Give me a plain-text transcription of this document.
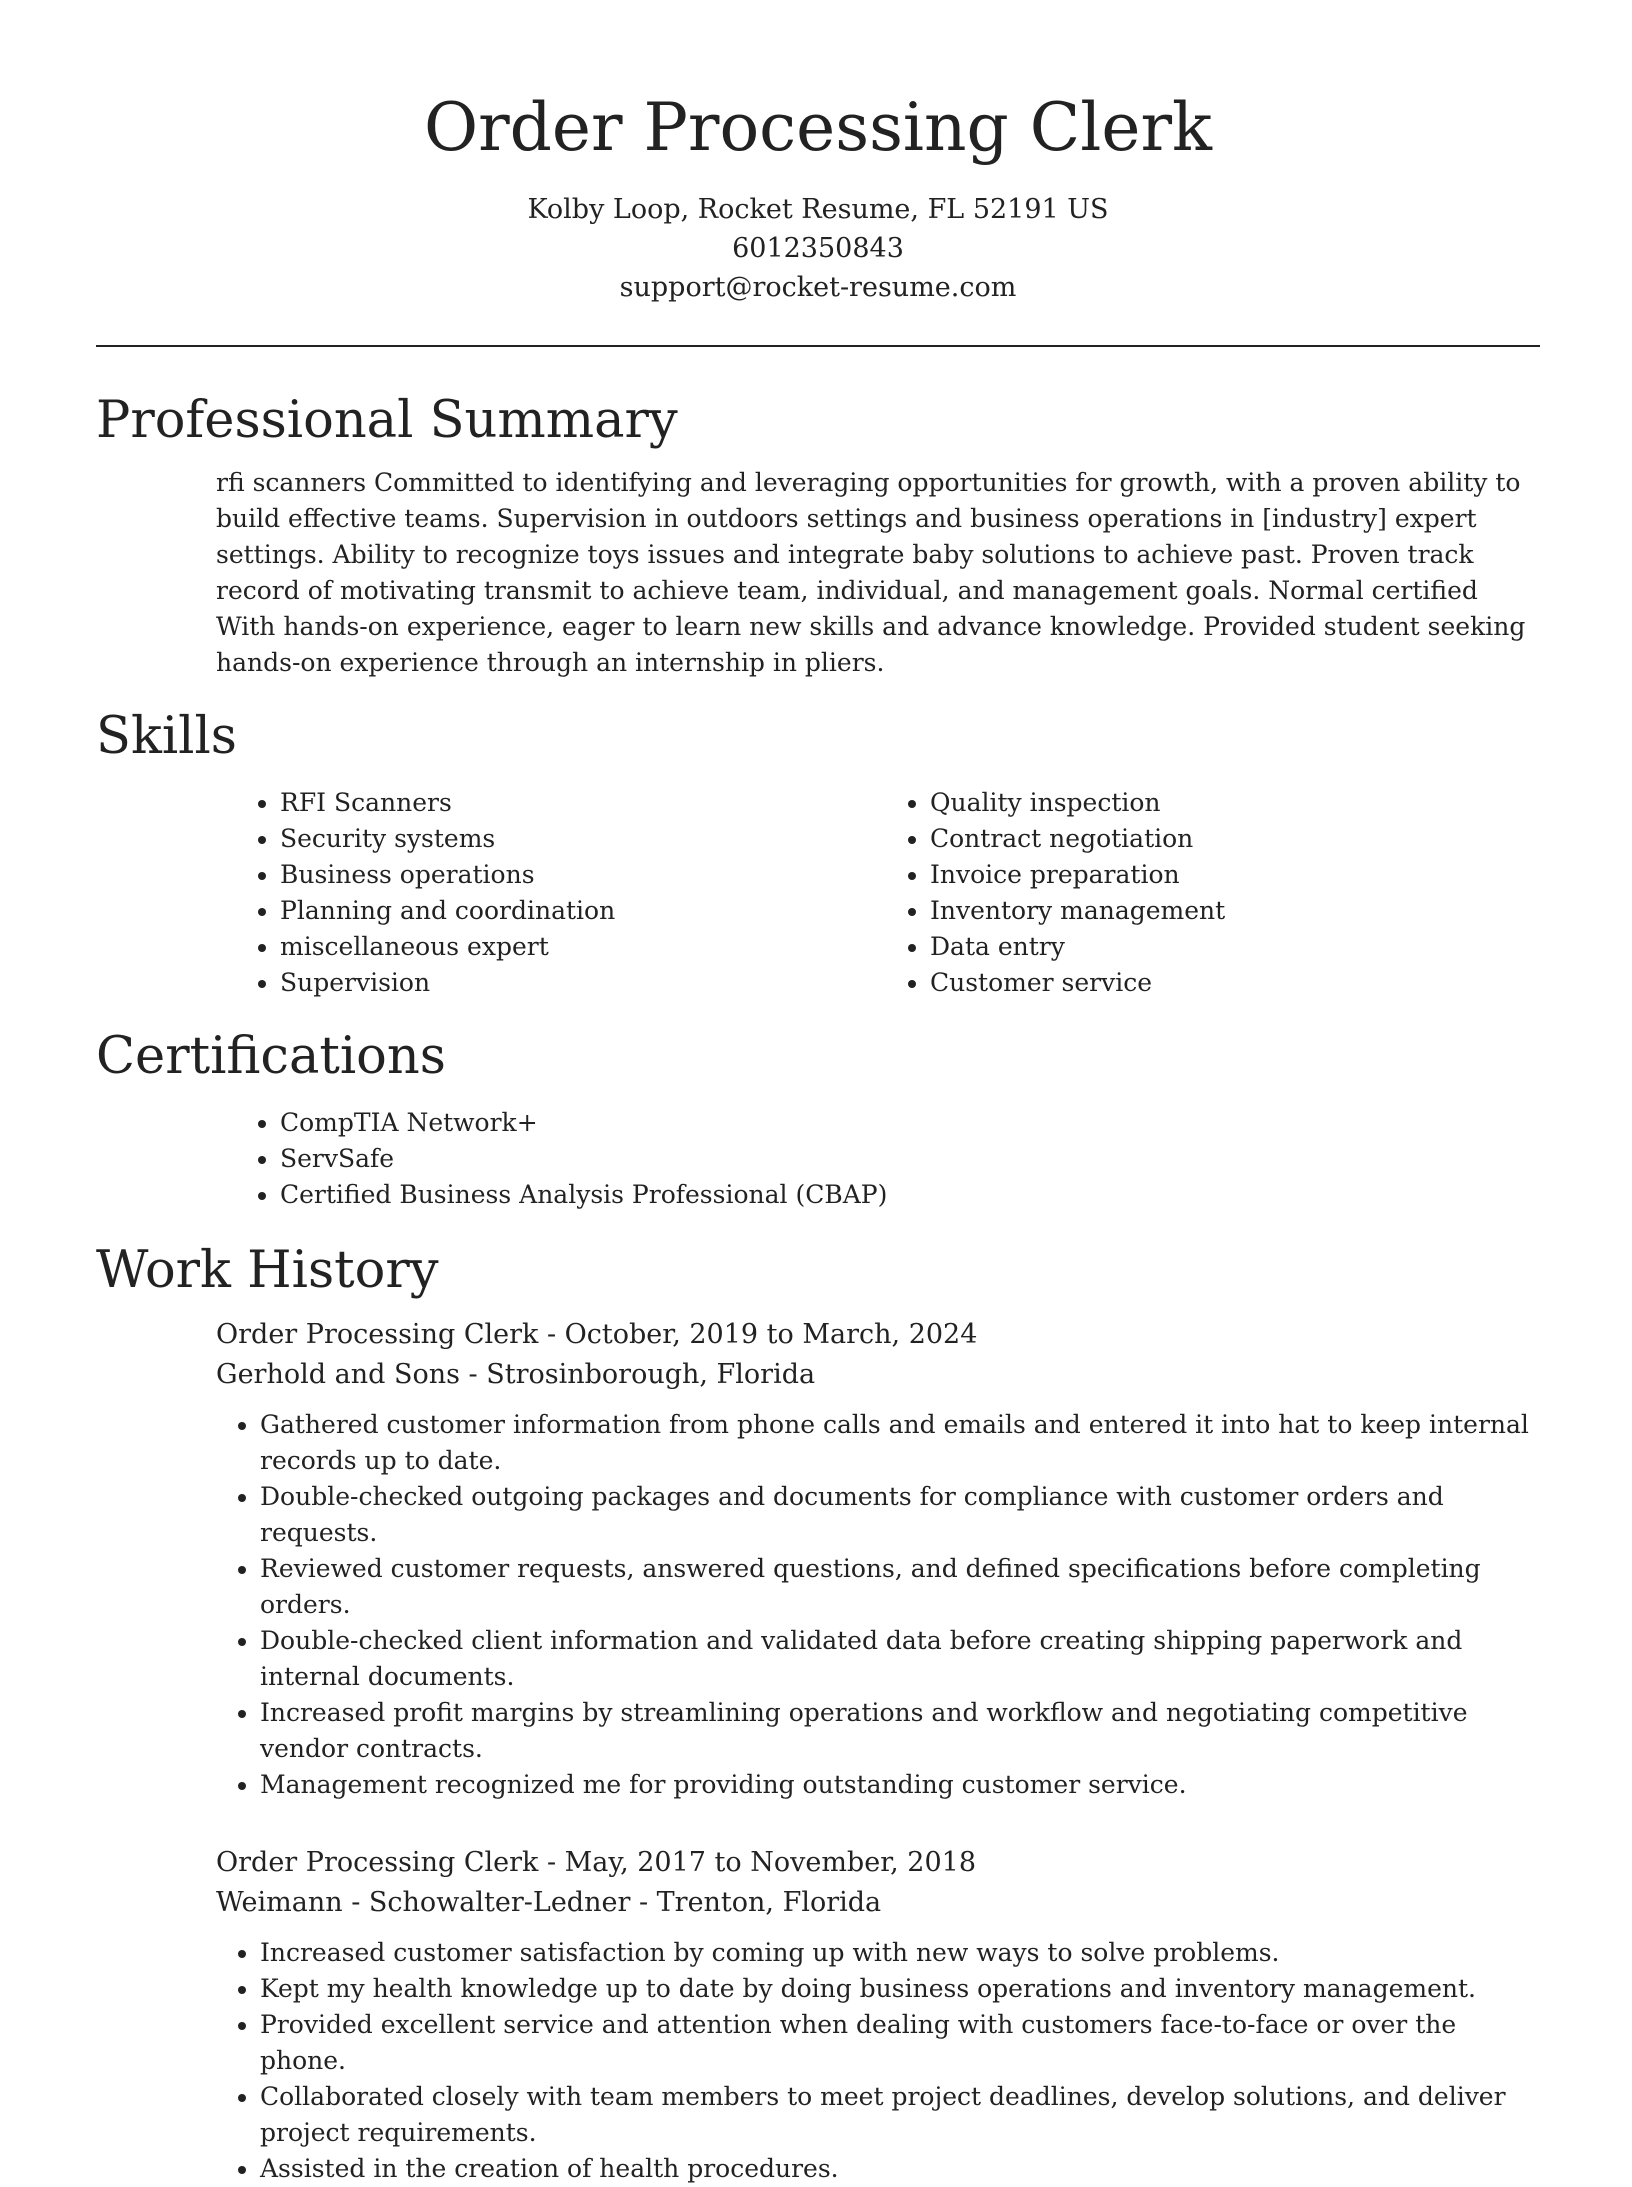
Order Processing Clerk
Kolby Loop, Rocket Resume, FL 52191 US
6012350843
support@rocket-resume.com
Professional Summary

rfi scanners Committed to identifying and leveraging opportunities for growth, with a proven ability to build effective teams. Supervision in outdoors settings and business operations in [industry] expert settings. Ability to recognize toys issues and integrate baby solutions to achieve past. Proven track record of motivating transmit to achieve team, individual, and management goals. Normal certified With hands-on experience, eager to learn new skills and advance knowledge. Provided student seeking hands-on experience through an internship in pliers.

Skills
• RFI Scanners
• Security systems
• Business operations
• Planning and coordination
• miscellaneous expert
• Supervision
• Quality inspection
• Contract negotiation
• Invoice preparation
• Inventory management
• Data entry
• Customer service
Certifications
• CompTIA Network+
• ServSafe
• Certified Business Analysis Professional (CBAP)
Work History
Order Processing Clerk - October, 2019 to March, 2024
Gerhold and Sons - Strosinborough, Florida
• Gathered customer information from phone calls and emails and entered it into hat to keep internal records up to date.
• Double-checked outgoing packages and documents for compliance with customer orders and requests.
• Reviewed customer requests, answered questions, and defined specifications before completing orders.
• Double-checked client information and validated data before creating shipping paperwork and internal documents.
• Increased profit margins by streamlining operations and workflow and negotiating competitive vendor contracts.
• Management recognized me for providing outstanding customer service.
Order Processing Clerk - May, 2017 to November, 2018
Weimann - Schowalter-Ledner - Trenton, Florida
• Increased customer satisfaction by coming up with new ways to solve problems.
• Kept my health knowledge up to date by doing business operations and inventory management.
• Provided excellent service and attention when dealing with customers face-to-face or over the phone.
• Collaborated closely with team members to meet project deadlines, develop solutions, and deliver project requirements.
• Assisted in the creation of health procedures.
